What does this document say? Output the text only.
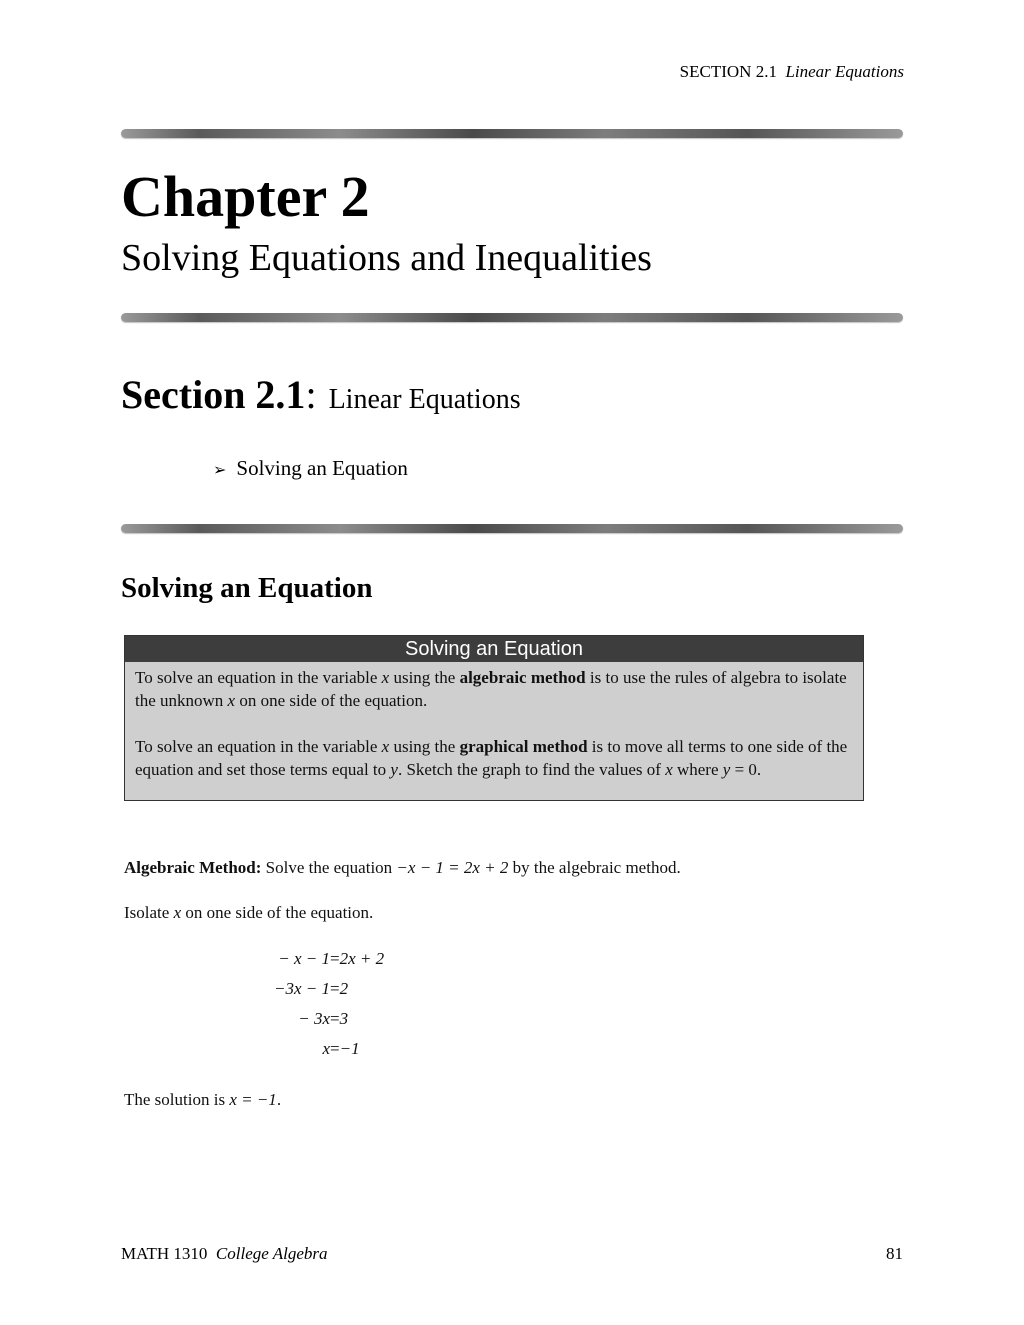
SECTION 2.1 Linear Equations
Chapter 2
Solving Equations and Inequalities
Section 2.1: Linear Equations
➢ Solving an Equation
Solving an Equation
Solving an Equation

To solve an equation in the variable x using the algebraic method is to use the rules of algebra to isolate the unknown x on one side of the equation.

To solve an equation in the variable x using the graphical method is to move all terms to one side of the equation and set those terms equal to y. Sketch the graph to find the values of x where y = 0.

Algebraic Method: Solve the equation −x − 1 = 2x + 2 by the algebraic method.
Isolate x on one side of the equation.
− x − 1=2x + 2
−3x − 1=2
− 3x=3
x=−1
The solution is x = −1.
MATH 1310 College Algebra	81
